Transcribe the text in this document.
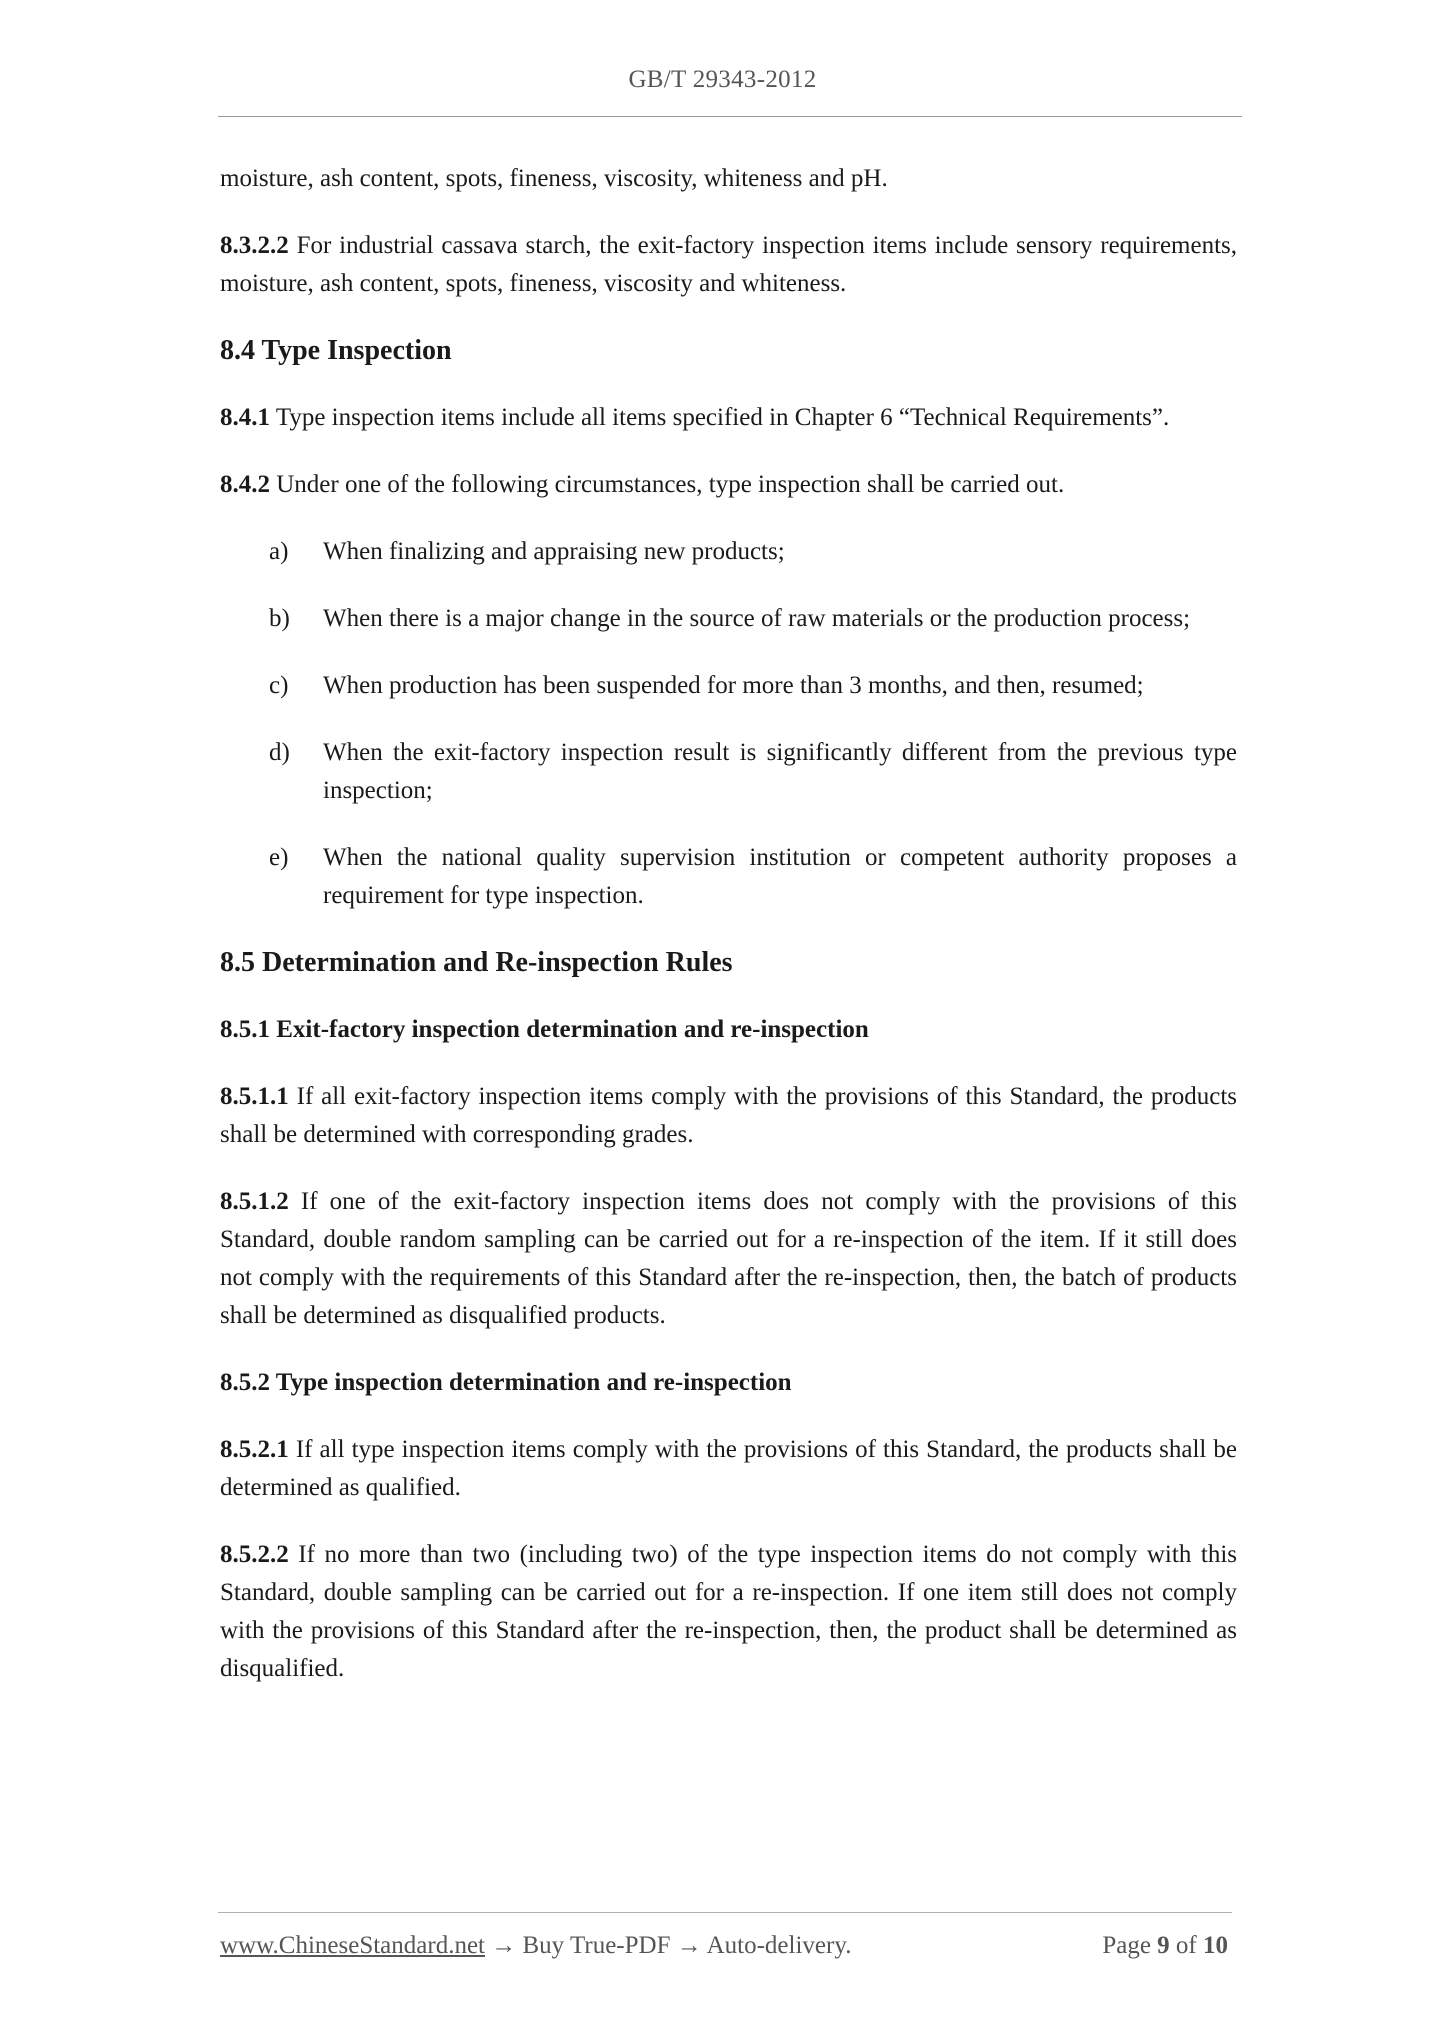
GB/T 29343-2012

moisture, ash content, spots, fineness, viscosity, whiteness and pH.

8.3.2.2 For industrial cassava starch, the exit-factory inspection items include sensory requirements, moisture, ash content, spots, fineness, viscosity and whiteness.

8.4 Type Inspection

8.4.1 Type inspection items include all items specified in Chapter 6 “Technical Requirements”.

8.4.2 Under one of the following circumstances, type inspection shall be carried out.

a)	When finalizing and appraising new products;
b)	When there is a major change in the source of raw materials or the production process;
c)	When production has been suspended for more than 3 months, and then, resumed;
d)	When the exit-factory inspection result is significantly different from the previous type inspection;
e)	When the national quality supervision institution or competent authority proposes a requirement for type inspection.
8.5 Determination and Re-inspection Rules
8.5.1 Exit-factory inspection determination and re-inspection

8.5.1.1 If all exit-factory inspection items comply with the provisions of this Standard, the products shall be determined with corresponding grades.

8.5.1.2 If one of the exit-factory inspection items does not comply with the provisions of this Standard, double random sampling can be carried out for a re-inspection of the item. If it still does not comply with the requirements of this Standard after the re-inspection, then, the batch of products shall be determined as disqualified products.

8.5.2 Type inspection determination and re-inspection

8.5.2.1 If all type inspection items comply with the provisions of this Standard, the products shall be determined as qualified.

8.5.2.2 If no more than two (including two) of the type inspection items do not comply with this Standard, double sampling can be carried out for a re-inspection. If one item still does not comply with the provisions of this Standard after the re-inspection, then, the product shall be determined as disqualified.

www.ChineseStandard.net → Buy True-PDF → Auto-delivery.	Page 9 of 10
